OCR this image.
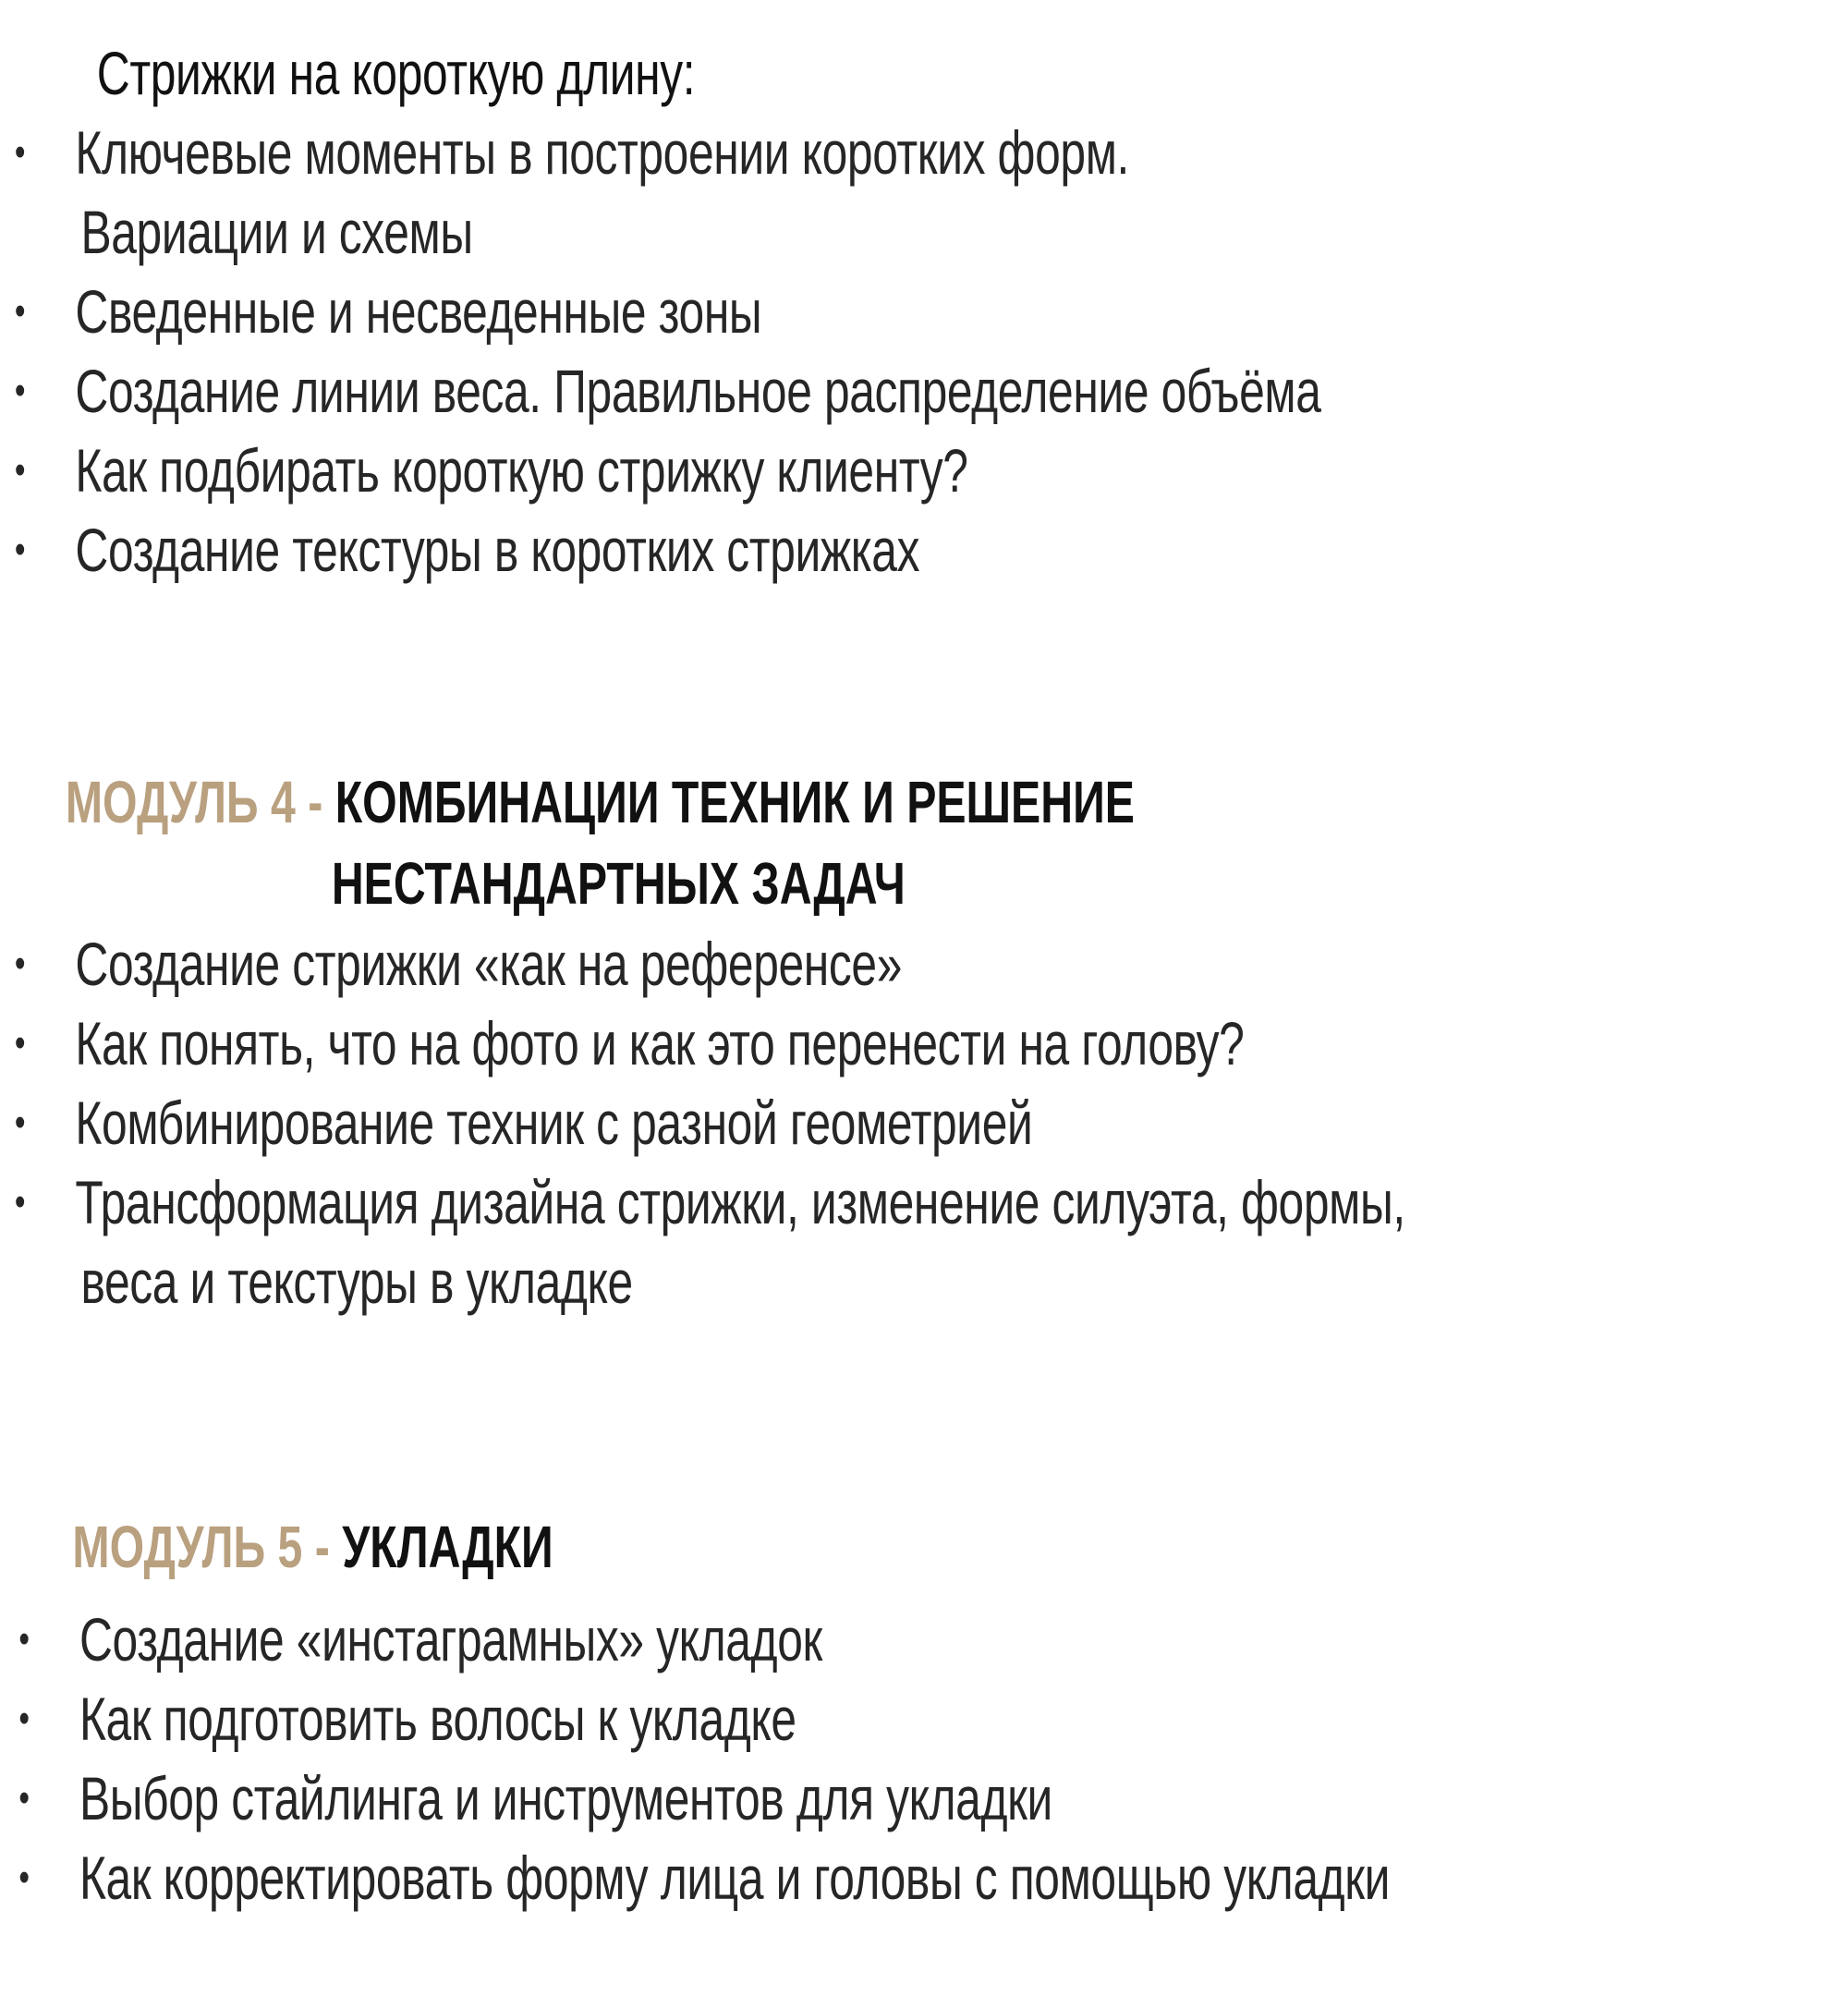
Стрижки на короткую длину:
• Ключевые моменты в построении коротких форм.
Вариации и схемы
• Сведенные и несведенные зоны
• Создание линии веса. Правильное распределение объёма
• Как подбирать короткую стрижку клиенту?
• Создание текстуры в коротких стрижках
МОДУЛЬ 4 - КОМБИНАЦИИ ТЕХНИК И РЕШЕНИЕ
НЕСТАНДАРТНЫХ ЗАДАЧ
• Создание стрижки «как на референсе»
• Как понять, что на фото и как это перенести на голову?
• Комбинирование техник с разной геометрией
• Трансформация дизайна стрижки, изменение силуэта, формы,
веса и текстуры в укладке
МОДУЛЬ 5 - УКЛАДКИ
• Создание «инстаграмных» укладок
• Как подготовить волосы к укладке
• Выбор стайлинга и инструментов для укладки
• Как корректировать форму лица и головы с помощью укладки
